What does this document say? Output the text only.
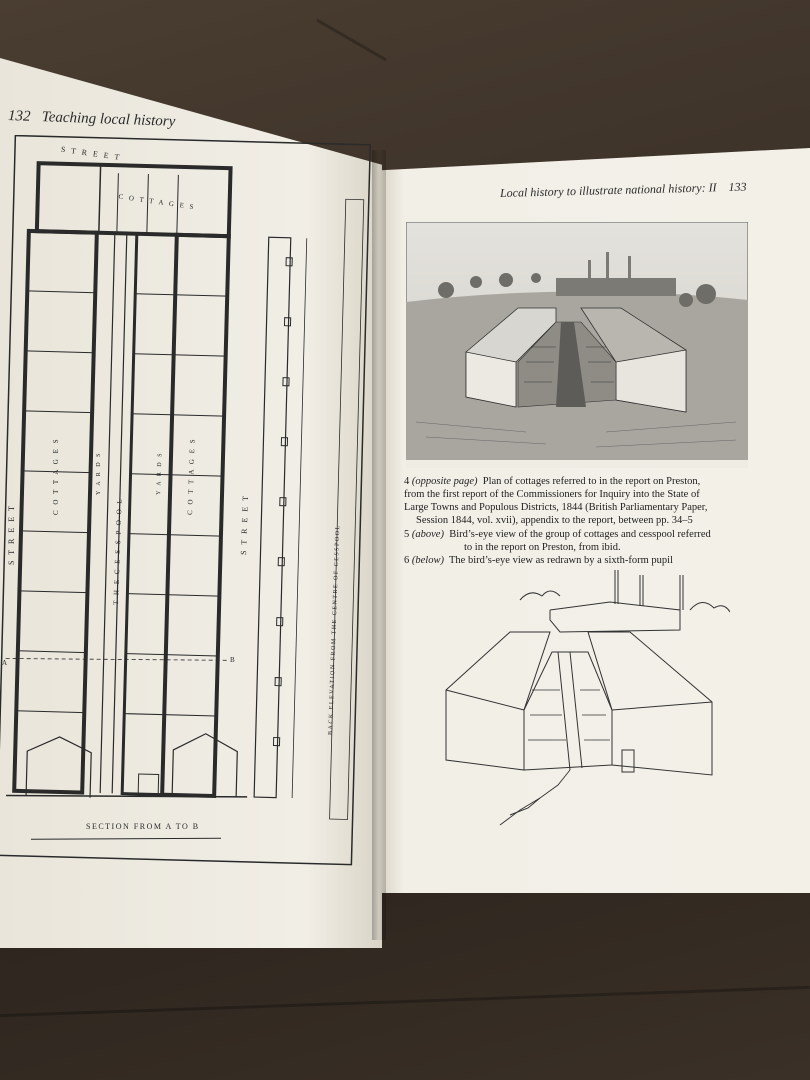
132 Teaching local history
S T R E E T
C O T T A G E S
S T R E E T	S T R E E T
T H E C E S S P O O L
C O T T A G E S	C O T T A G E S
Y A R D S	Y A R D S
BACK ELEVATION FROM THE CENTRE OF CESSPOOL
SECTION FROM A TO B
A	B
Local history to illustrate national history: II 133
4 (opposite page) Plan of cottages referred to in the report on Preston,
from the first report of the Commissioners for Inquiry into the State of
Large Towns and Populous Districts, 1844 (British Parliamentary Paper,
Session 1844, vol. xvii), appendix to the report, between pp. 34–5
5 (above) Bird’s-eye view of the group of cottages and cesspool referred
to in the report on Preston, from ibid.
6 (below) The bird’s-eye view as redrawn by a sixth-form pupil
